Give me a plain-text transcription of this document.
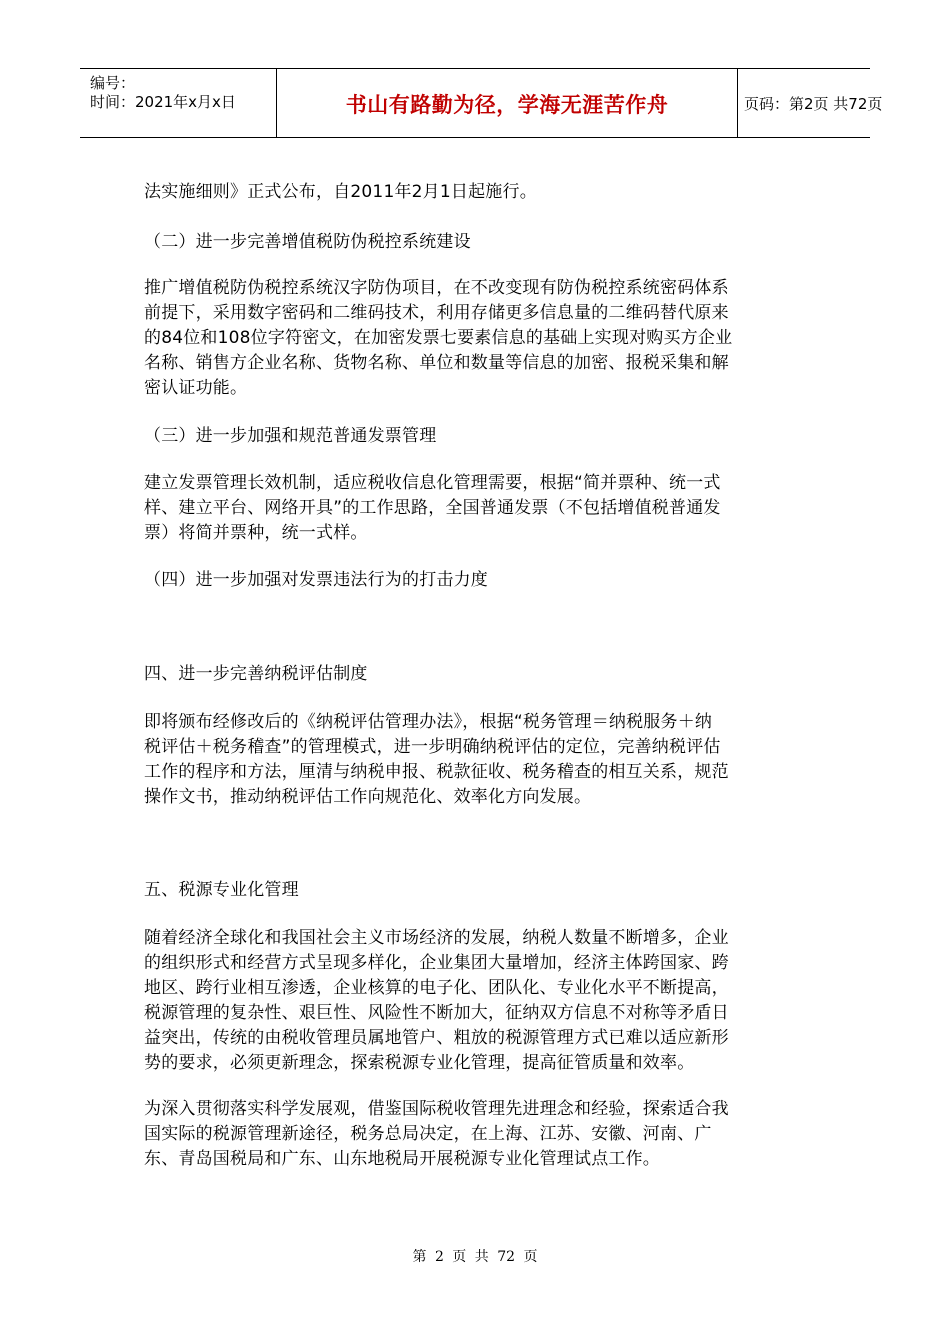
编号：
时间：2021年x月x日	书山有路勤为径，学海无涯苦作舟	页码：第2页 共72页
法实施细则》正式公布，自2011年2月1日起施行。
（二）进一步完善增值税防伪税控系统建设
推广增值税防伪税控系统汉字防伪项目，在不改变现有防伪税控系统密码体系
前提下，采用数字密码和二维码技术，利用存储更多信息量的二维码替代原来
的84位和108位字符密文，在加密发票七要素信息的基础上实现对购买方企业
名称、销售方企业名称、货物名称、单位和数量等信息的加密、报税采集和解
密认证功能。
（三）进一步加强和规范普通发票管理
建立发票管理长效机制，适应税收信息化管理需要，根据“简并票种、统一式
样、建立平台、网络开具”的工作思路，全国普通发票（不包括增值税普通发
票）将简并票种，统一式样。
（四）进一步加强对发票违法行为的打击力度
四、进一步完善纳税评估制度
即将颁布经修改后的《纳税评估管理办法》，根据“税务管理＝纳税服务＋纳
税评估＋税务稽查”的管理模式，进一步明确纳税评估的定位，完善纳税评估
工作的程序和方法，厘清与纳税申报、税款征收、税务稽查的相互关系，规范
操作文书，推动纳税评估工作向规范化、效率化方向发展。
五、税源专业化管理
随着经济全球化和我国社会主义市场经济的发展，纳税人数量不断增多，企业
的组织形式和经营方式呈现多样化，企业集团大量增加，经济主体跨国家、跨
地区、跨行业相互渗透，企业核算的电子化、团队化、专业化水平不断提高，
税源管理的复杂性、艰巨性、风险性不断加大，征纳双方信息不对称等矛盾日
益突出，传统的由税收管理员属地管户、粗放的税源管理方式已难以适应新形
势的要求，必须更新理念，探索税源专业化管理，提高征管质量和效率。
为深入贯彻落实科学发展观，借鉴国际税收管理先进理念和经验，探索适合我
国实际的税源管理新途径，税务总局决定，在上海、江苏、安徽、河南、广
东、青岛国税局和广东、山东地税局开展税源专业化管理试点工作。
第 2 页 共 72 页
